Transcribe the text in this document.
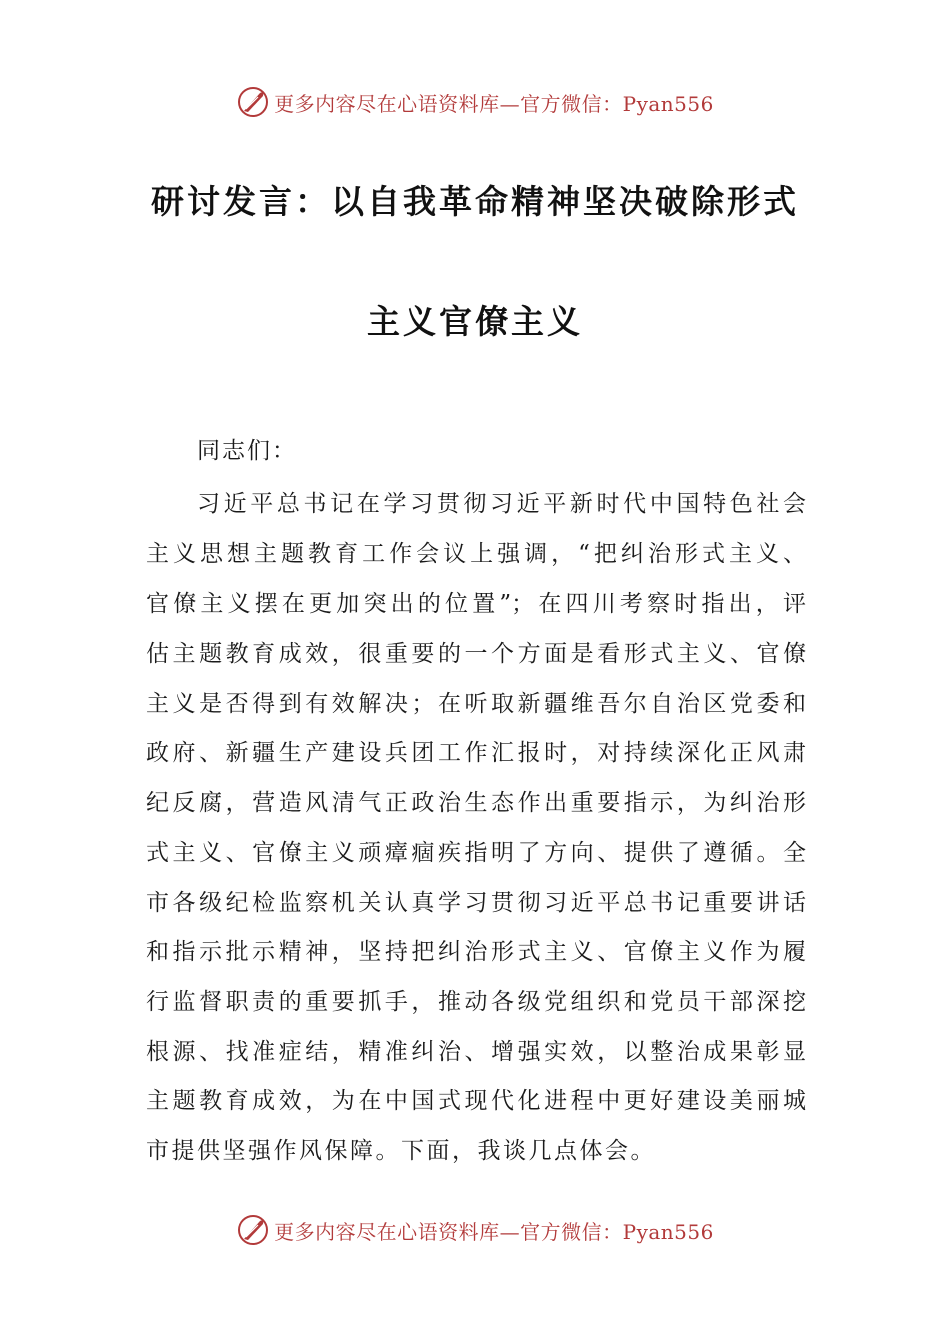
更多内容尽在心语资料库—官方微信：Pyan556
研讨发言：以自我革命精神坚决破除形式
主义官僚主义
同志们：
习近平总书记在学习贯彻习近平新时代中国特色社会
主义思想主题教育工作会议上强调，“把纠治形式主义、
官僚主义摆在更加突出的位置”；在四川考察时指出，评
估主题教育成效，很重要的一个方面是看形式主义、官僚
主义是否得到有效解决；在听取新疆维吾尔自治区党委和
政府、新疆生产建设兵团工作汇报时，对持续深化正风肃
纪反腐，营造风清气正政治生态作出重要指示，为纠治形
式主义、官僚主义顽瘴痼疾指明了方向、提供了遵循。全
市各级纪检监察机关认真学习贯彻习近平总书记重要讲话
和指示批示精神，坚持把纠治形式主义、官僚主义作为履
行监督职责的重要抓手，推动各级党组织和党员干部深挖
根源、找准症结，精准纠治、增强实效，以整治成果彰显
主题教育成效，为在中国式现代化进程中更好建设美丽城
市提供坚强作风保障。下面，我谈几点体会。
更多内容尽在心语资料库—官方微信：Pyan556
